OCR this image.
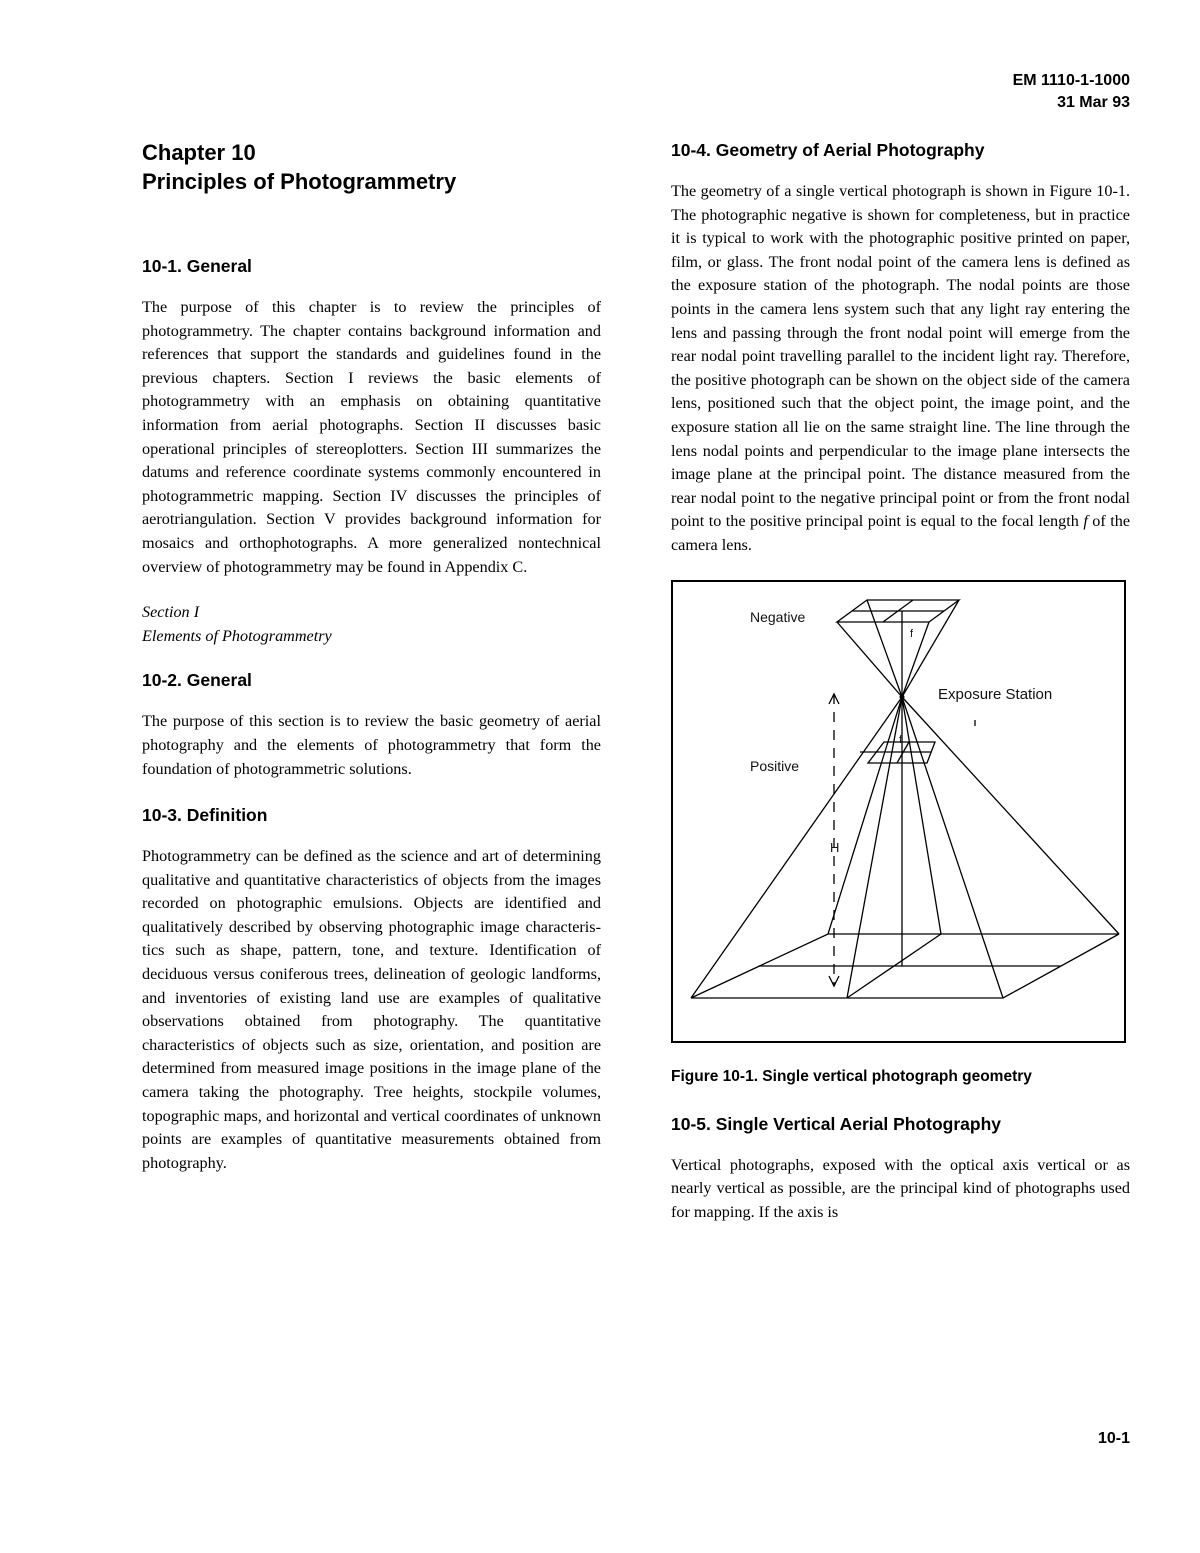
EM 1110-1-1000
31 Mar 93
Chapter 10
Principles of Photogrammetry
10-1. General

The purpose of this chapter is to review the principles of photogrammetry. The chapter contains background information and references that support the standards and guidelines found in the previous chapters. Section I reviews the basic elements of photogrammetry with an emphasis on obtaining quantitative information from aerial photographs. Section II discusses basic operational principles of stereoplotters. Section III summarizes the datums and reference coordinate systems commonly encountered in photogrammetric mapping. Section IV discusses the principles of aerotriangulation. Section V provides background information for mosaics and orthophotographs. A more generalized nontechnical overview of photogrammetry may be found in Appendix C.

Section I
Elements of Photogrammetry
10-2. General

The purpose of this section is to review the basic geometry of aerial photography and the elements of photogrammetry that form the foundation of photogrammetric solutions.

10-3. Definition

Photogrammetry can be defined as the science and art of determining qualitative and quantitative characteristics of objects from the images recorded on photographic emulsions. Objects are identified and qualitatively described by observing photographic image characteristics such as shape, pattern, tone, and texture. Identification of deciduous versus coniferous trees, delineation of geologic landforms, and inventories of existing land use are examples of qualitative observations obtained from photography. The quantitative characteristics of objects such as size, orientation, and position are determined from measured image positions in the image plane of the camera taking the photography. Tree heights, stockpile volumes, topographic maps, and horizontal and vertical coordinates of unknown points are examples of quantitative measurements obtained from photography.

10-4. Geometry of Aerial Photography

The geometry of a single vertical photograph is shown in Figure 10-1. The photographic negative is shown for completeness, but in practice it is typical to work with the photographic positive printed on paper, film, or glass. The front nodal point of the camera lens is defined as the exposure station of the photograph. The nodal points are those points in the camera lens system such that any light ray entering the lens and passing through the front nodal point will emerge from the rear nodal point travelling parallel to the incident light ray. Therefore, the positive photograph can be shown on the object side of the camera lens, positioned such that the object point, the image point, and the exposure station all lie on the same straight line. The line through the lens nodal points and perpendicular to the image plane intersects the image plane at the principal point. The distance measured from the rear nodal point to the negative principal point or from the front nodal point to the positive principal point is equal to the focal length f of the camera lens.

Negative
f
Exposure Station
f
Positive
H
Figure 10-1. Single vertical photograph geometry
10-5. Single Vertical Aerial Photography

Vertical photographs, exposed with the optical axis vertical or as nearly vertical as possible, are the principal kind of photographs used for mapping. If the axis is

10-1
